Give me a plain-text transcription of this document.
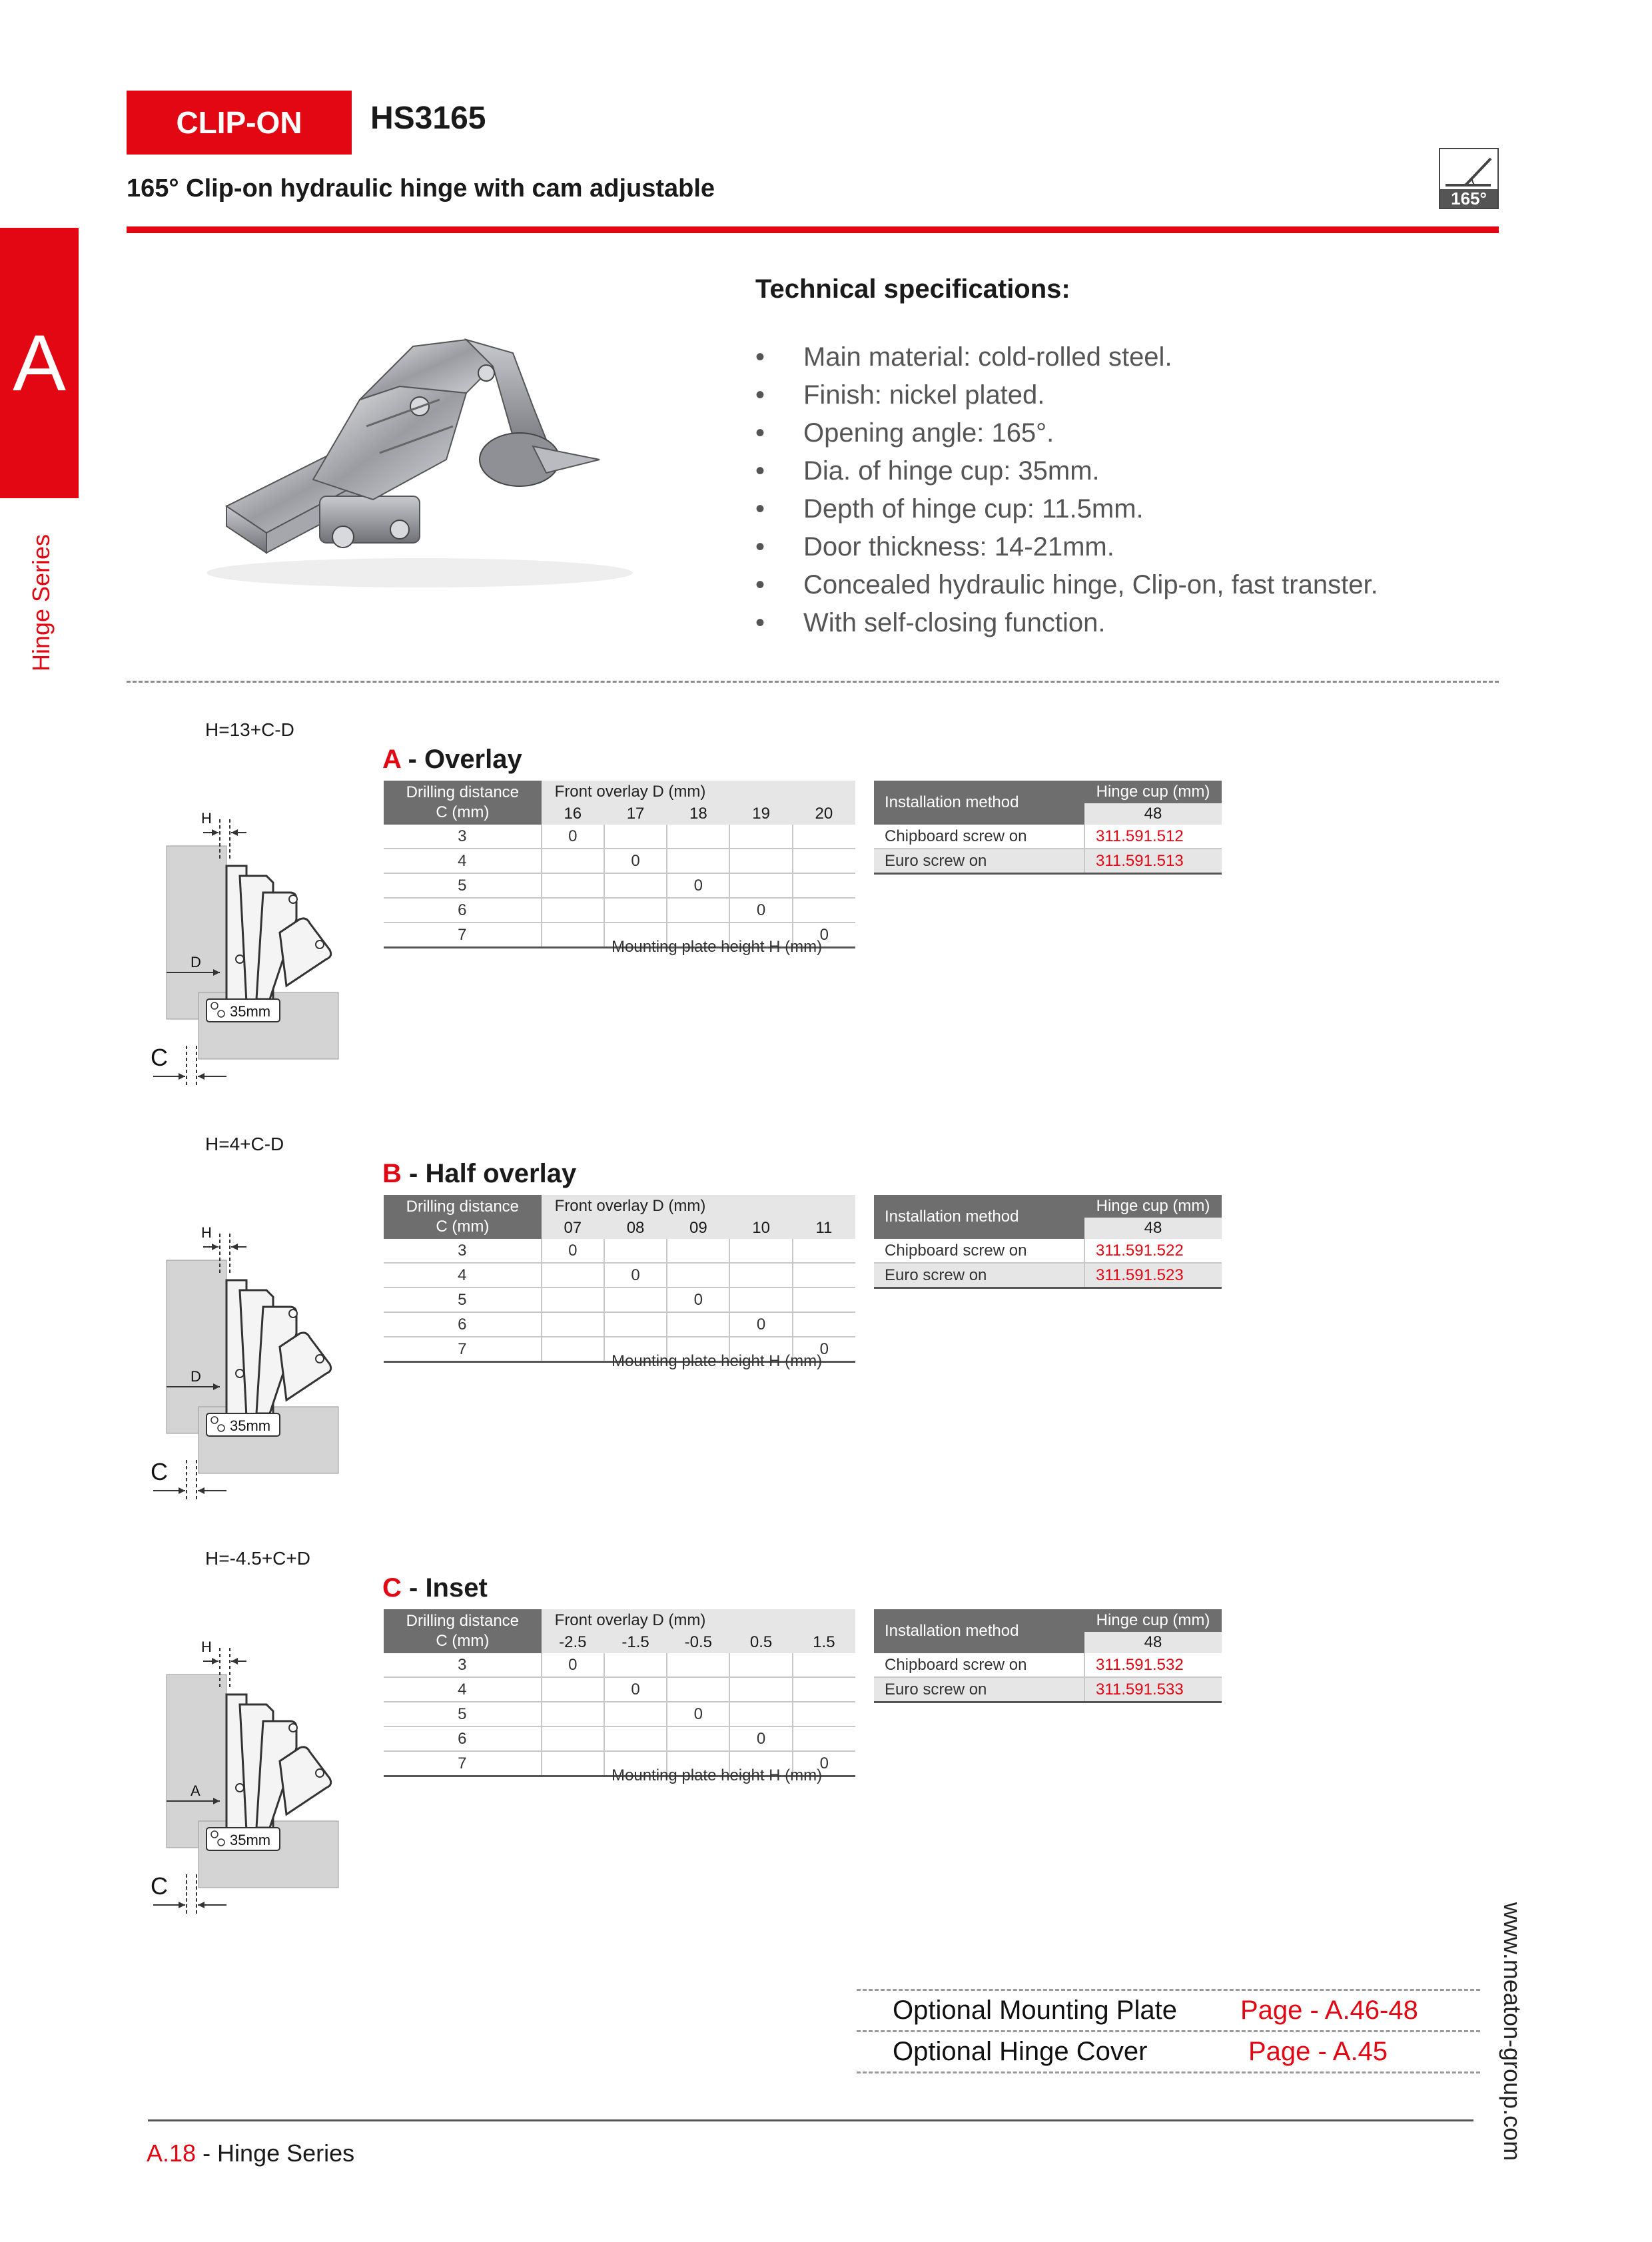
CLIP-ON	HS3165
165° Clip-on hydraulic hinge with cam adjustable	165°
A
Hinge Series
Technical specifications:
• Main material: cold-rolled steel.
• Finish: nickel plated.
• Opening angle: 165°.
• Dia. of hinge cup: 35mm.
• Depth of hinge cup: 11.5mm.
• Door thickness: 14-21mm.
• Concealed hydraulic hinge, Clip-on, fast transter.
• With self-closing function.
H=13+C-D
A - Overlay
35mm
H
D
C
Drilling distance
C (mm)	Front overlay D (mm)				
	16	17	18	19	20
3	0				
4		0			
5			0		
6				0	
7					0
Mounting plate height H (mm)
Installation method	Hinge cup (mm)
	48
Chipboard screw on	311.591.512
Euro screw on	311.591.513
H=4+C-D
B - Half overlay
35mm
H
D
C
Drilling distance
C (mm)	Front overlay D (mm)				
	07	08	09	10	11
3	0				
4		0			
5			0		
6				0	
7					0
Mounting plate height H (mm)
Installation method	Hinge cup (mm)
	48
Chipboard screw on	311.591.522
Euro screw on	311.591.523
H=-4.5+C+D
C - Inset
35mm
H
A
C
Drilling distance
C (mm)	Front overlay D (mm)				
	-2.5	-1.5	-0.5	0.5	1.5
3	0				
4		0			
5			0		
6				0	
7					0
Mounting plate height H (mm)
Installation method	Hinge cup (mm)
	48
Chipboard screw on	311.591.532
Euro screw on	311.591.533
Optional Mounting Plate Page - A.46-48
Optional Hinge Cover	Page - A.45
A.18 - Hinge Series	www.meaton-group.com
